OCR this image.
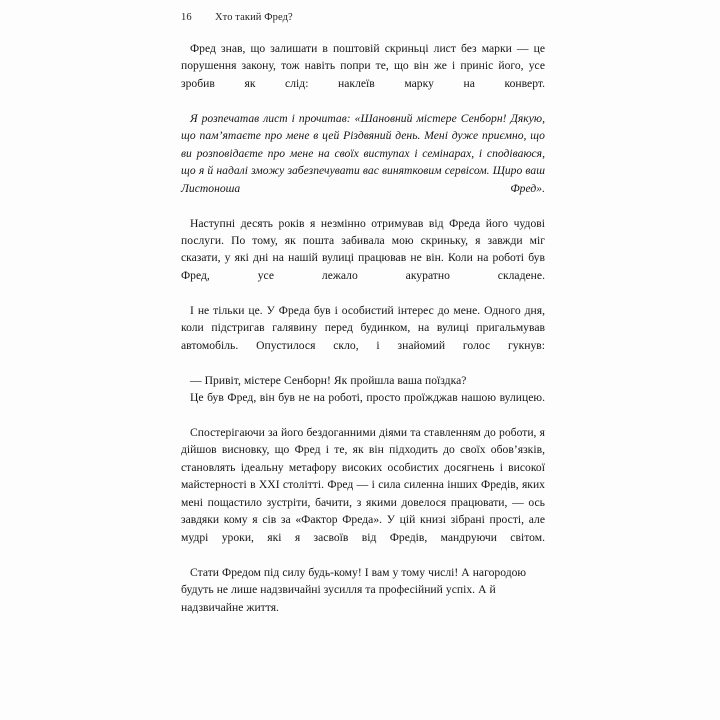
16	Хто такий Фред?

Фред знав, що залишати в поштовій скриньці лист без марки — це порушення закону, тож навіть попри те, що він же і приніс його, усе зробив як слід: наклеїв марку на конверт.

Я розпечатав лист і прочитав: «Шановний містере Сенборн! Дякую, що пам’ятаєте про мене в цей Різдвяний день. Мені дуже приємно, що ви розповідаєте про мене на своїх виступах і семінарах, і сподіваюся, що я й надалі зможу забезпечувати вас винятковим сервісом. Щиро ваш Листоноша Фред».

Наступні десять років я незмінно отримував від Фреда його чудові послуги. По тому, як пошта забивала мою скриньку, я завжди міг сказати, у які дні на нашій вулиці працював не він. Коли на роботі був Фред, усе лежало акуратно складене.

І не тільки це. У Фреда був і особистий інтерес до мене. Одного дня, коли підстригав галявину перед будинком, на вулиці пригальмував автомобіль. Опустилося скло, і знайомий голос гукнув:

— Привіт, містере Сенборн! Як пройшла ваша поїздка?

Це був Фред, він був не на роботі, просто проїжджав нашою вулицею.

Спостерігаючи за його бездоганними діями та ставленням до роботи, я дійшов висновку, що Фред і те, як він підходить до своїх обов’язків, становлять ідеальну метафору високих особистих досягнень і високої майстерності в XXI столітті. Фред — і сила силенна інших Фредів, яких мені пощастило зустріти, бачити, з якими довелося працювати, — ось завдяки кому я сів за «Фактор Фреда». У цій книзі зібрані прості, але мудрі уроки, які я засвоїв від Фредів, мандруючи світом.

Стати Фредом під силу будь-кому! І вам у тому числі! А нагородою будуть не лише надзвичайні зусилля та професійний успіх. А й надзвичайне життя.
